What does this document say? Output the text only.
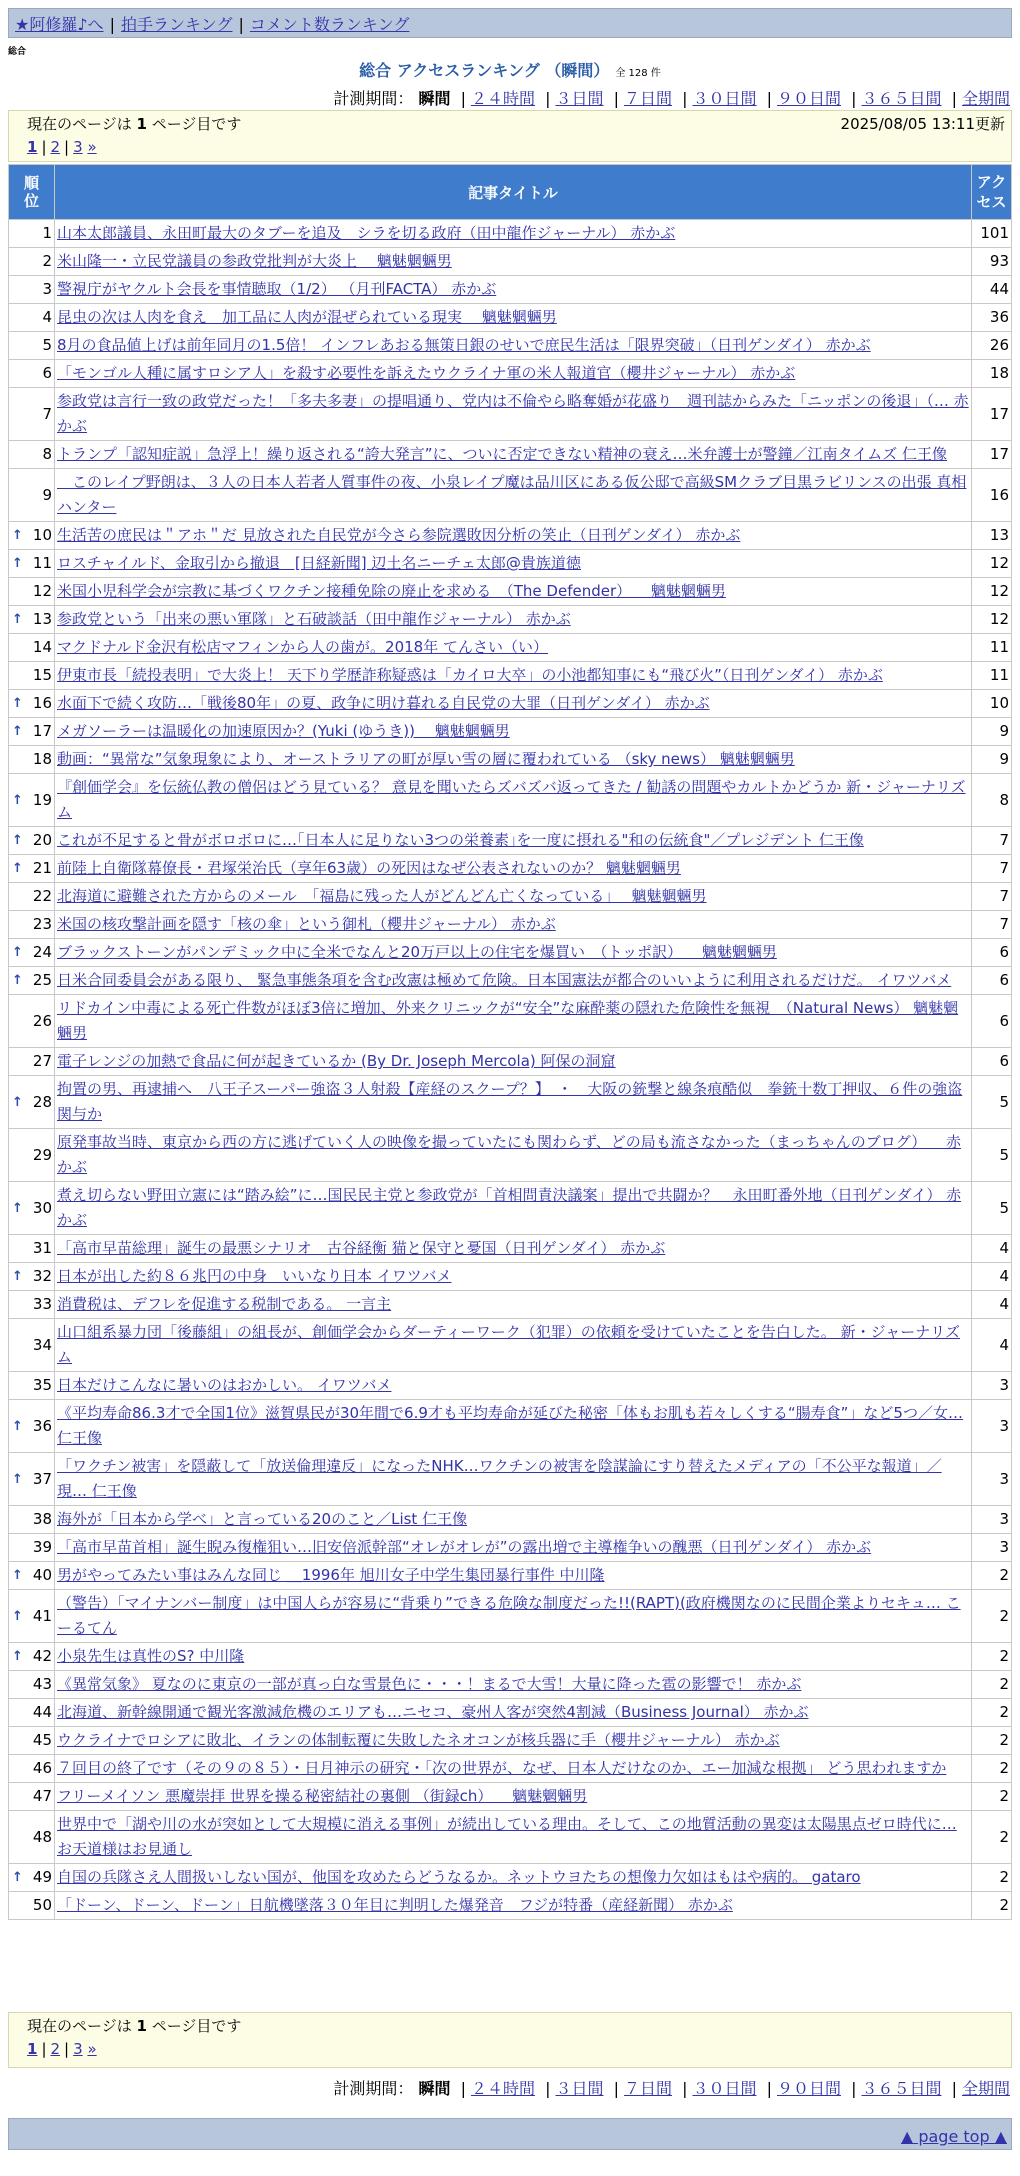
★阿修羅♪へ | 拍手ランキング | コメント数ランキング
総合
総合 アクセスランキング （瞬間） 全 128 件
計測期間： 瞬間 | ２４時間 | ３日間 | ７日間 | ３０日間 | ９０日間 | ３６５日間 | 全期間
現在のページは 1 ページ目です
1 | 2 | 3 »
2025/08/05 13:11更新
順位	記事タイトル	アクセス
1	山本太郎議員、永田町最大のタブーを追及　シラを切る政府（田中龍作ジャーナル） 赤かぶ	101
2	米山隆一・立民党議員の参政党批判が大炎上 　魑魅魍魎男	93
3	警視庁がヤクルト会長を事情聴取（1/2） （月刊FACTA） 赤かぶ	44
4	昆虫の次は人肉を食え　加工品に人肉が混ぜられている現実 　魑魅魍魎男	36
5	8月の食品値上げは前年同月の1.5倍！ インフレあおる無策日銀のせいで庶民生活は「限界突破」（日刊ゲンダイ） 赤かぶ	26
6	「モンゴル人種に属すロシア人」を殺す必要性を訴えたウクライナ軍の米人報道官（櫻井ジャーナル） 赤かぶ	18
7	参政党は言行一致の政党だった！「多夫多妻」の提唱通り、党内は不倫やら略奪婚が花盛り　週刊誌からみた「ニッポンの後退」（… 赤かぶ	17
8	トランプ「認知症説」急浮上！繰り返される“誇大発言”に、ついに否定できない精神の衰え…米弁護士が警鐘／江南タイムズ 仁王像	17
9	　このレイプ野朗は、３人の日本人若者人質事件の夜、小泉レイプ魔は品川区にある仮公邸で高級SMクラブ目黒ラビリンスの出張 真相ハンター	16

↑ 10	生活苦の庶民は＂アホ＂だ 見放された自民党が今さら参院選敗因分析の笑止（日刊ゲンダイ） 赤かぶ	13

↑ 11	ロスチャイルド、金取引から撤退　[日経新聞] 辺土名ニーチェ太郎@貴族道徳	12
12	米国小児科学会が宗教に基づくワクチン接種免除の廃止を求める　（The Defender） 　魑魅魍魎男	12

↑ 13	参政党という「出来の悪い軍隊」と石破談話（田中龍作ジャーナル） 赤かぶ	12
14	マクドナルド金沢有松店マフィンから人の歯が。2018年 てんさい（い）	11
15	伊東市長「続投表明」で大炎上！ 天下り学歴詐称疑惑は「カイロ大卒」の小池都知事にも“飛び火”（日刊ゲンダイ） 赤かぶ	11

↑ 16	水面下で続く攻防…「戦後80年」の夏、政争に明け暮れる自民党の大罪（日刊ゲンダイ） 赤かぶ	10

↑ 17	メガソーラーは温暖化の加速原因か？(Yuki (ゆうき))　 魑魅魍魎男	9
18	動画：“異常な”気象現象により、オーストラリアの町が厚い雪の層に覆われている （sky news） 魑魅魍魎男	9

↑ 19	『創価学会』を伝統仏教の僧侶はどう見ている？ 意見を聞いたらズバズバ返ってきた / 勧誘の問題やカルトかどうか 新・ジャーナリズム	8

↑ 20	これが不足すると骨がボロボロに…｢日本人に足りない3つの栄養素｣を一度に摂れる"和の伝統食"／プレジデント 仁王像	7

↑ 21	前陸上自衛隊幕僚長・君塚栄治氏（享年63歳）の死因はなぜ公表されないのか？ 魑魅魍魎男	7
22	北海道に避難された方からのメール　「福島に残った人がどんどん亡くなっている」　 魑魅魍魎男	7
23	米国の核攻撃計画を隠す「核の傘」という御札（櫻井ジャーナル） 赤かぶ	7

↑ 24	ブラックストーンがパンデミック中に全米でなんと20万戸以上の住宅を爆買い　（トッポ訳） 　魑魅魍魎男	6

↑ 25	日米合同委員会がある限り、 緊急事態条項を含む改憲は極めて危険。日本国憲法が都合のいいように利用されるだけだ。 イワツバメ	6
26	リドカイン中毒による死亡件数がほぼ3倍に増加、外来クリニックが“安全”な麻酔薬の隠れた危険性を無視　（Natural News） 魑魅魍魎男	6
27	電子レンジの加熱で食品に何が起きているか (By Dr. Joseph Mercola) 阿保の洞窟	6

↑ 28	拘置の男、再逮捕へ　八王子スーパー強盗３人射殺【産経のスクープ？】　・　大阪の銃撃と線条痕酷似　拳銃十数丁押収、６件の強盗関与か	5
29	原発事故当時、東京から西の方に逃げていく人の映像を撮っていたにも関わらず、どの局も流さなかった（まっちゃんのブログ） 　赤かぶ	5

↑ 30	煮え切らない野田立憲には“踏み絵”に…国民民主党と参政党が「首相問責決議案」提出で共闘か？　永田町番外地（日刊ゲンダイ） 赤かぶ	5
31	「高市早苗総理」誕生の最悪シナリオ　古谷経衡 猫と保守と憂国（日刊ゲンダイ） 赤かぶ	4

↑ 32	日本が出した約８６兆円の中身　いいなり日本 イワツバメ	4
33	消費税は、デフレを促進する税制である。 一言主	4
34	山口組系暴力団「後藤組」の組長が、創価学会からダーティーワーク（犯罪）の依頼を受けていたことを告白した。 新・ジャーナリズム	4
35	日本だけこんなに暑いのはおかしい。 イワツバメ	3

↑ 36	《平均寿命86.3才で全国1位》滋賀県民が30年間で6.9才も平均寿命が延びた秘密「体もお肌も若々しくする“腸寿食”」など5つ／女… 仁王像	3

↑ 37	「ワクチン被害」を隠蔽して「放送倫理違反」になったNHK…ワクチンの被害を陰謀論にすり替えたメディアの「不公平な報道」／現… 仁王像	3
38	海外が「日本から学べ」と言っている20のこと／List 仁王像	3
39	「高市早苗首相」誕生睨み復権狙い…旧安倍派幹部“オレがオレが”の露出増で主導権争いの醜悪（日刊ゲンダイ） 赤かぶ	3

↑ 40	男がやってみたい事はみんな同じ ＿1996年 旭川女子中学生集団暴行事件 中川隆	2

↑ 41	（警告）「マイナンバー制度」は中国人らが容易に“背乗り”できる危険な制度だった!!(RAPT)(政府機関なのに民間企業よりセキュ… こーるてん	2

↑ 42	小泉先生は真性のS? 中川隆	2
43	《異常気象》 夏なのに東京の一部が真っ白な雪景色に・・・！まるで大雪！大量に降った雹の影響で！ 赤かぶ	2
44	北海道、新幹線開通で観光客激減危機のエリアも…ニセコ、豪州人客が突然4割減（Business Journal） 赤かぶ	2
45	ウクライナでロシアに敗北、イランの体制転覆に失敗したネオコンが核兵器に手（櫻井ジャーナル） 赤かぶ	2
46	７回目の終了です（その９の８５）・日月神示の研究・「次の世界が、なぜ、日本人だけなのか、エー加減な根拠」 どう思われますか	2
47	フリーメイソン 悪魔崇拝 世界を操る秘密結社の裏側 （街録ch） 　魑魅魍魎男	2
48	世界中で「湖や川の水が突如として大規模に消える事例」が続出している理由。そして、この地質活動の異変は太陽黒点ゼロ時代に… お天道様はお見通し	2

↑ 49	自国の兵隊さえ人間扱いしない国が、他国を攻めたらどうなるか。ネットウヨたちの想像力欠如はもはや病的。 gataro	2
50	「ドーン、ドーン、ドーン」日航機墜落３０年目に判明した爆発音　フジが特番（産経新聞） 赤かぶ	2
現在のページは 1 ページ目です
1 | 2 | 3 »
計測期間： 瞬間 | ２４時間 | ３日間 | ７日間 | ３０日間 | ９０日間 | ３６５日間 | 全期間
▲ page top ▲
